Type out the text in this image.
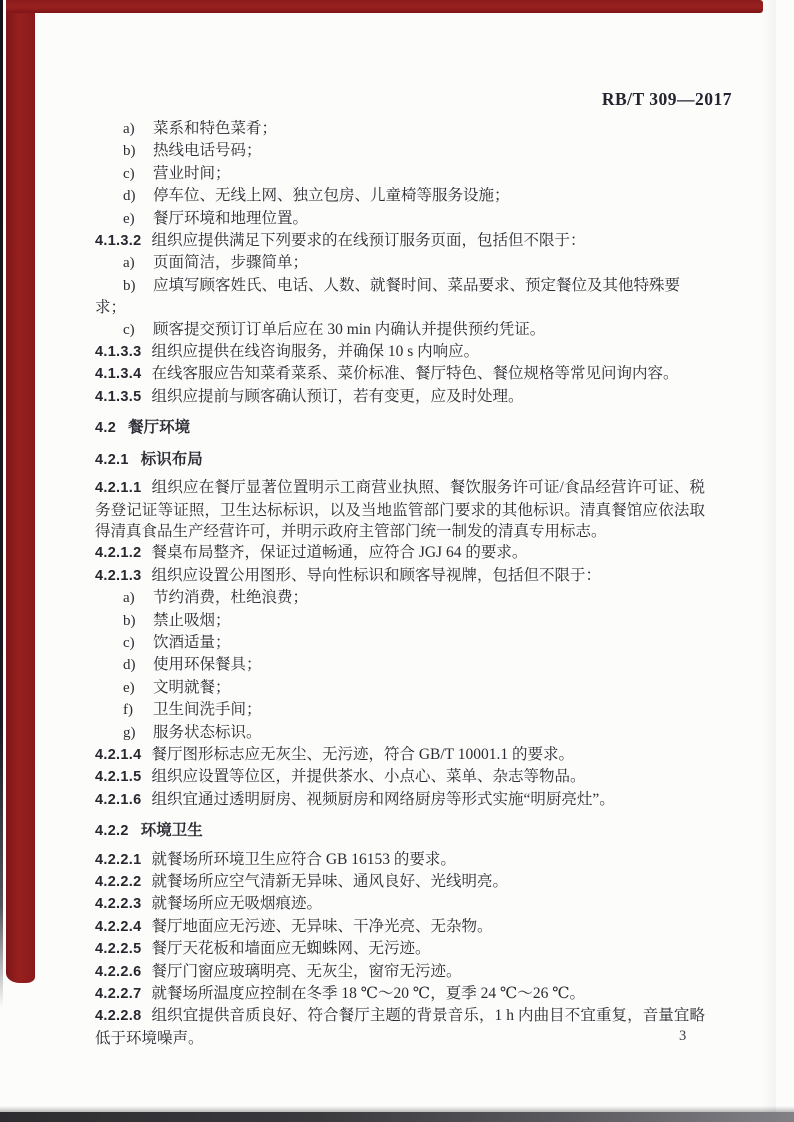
RB/T 309—2017

a) 菜系和特色菜肴；

b) 热线电话号码；

c) 营业时间；

d) 停车位、无线上网、独立包房、儿童椅等服务设施；

e) 餐厅环境和地理位置。

4.1.3.2 组织应提供满足下列要求的在线预订服务页面，包括但不限于：

a) 页面简洁，步骤简单；

b) 应填写顾客姓氏、电话、人数、就餐时间、菜品要求、预定餐位及其他特殊要求；

c) 顾客提交预订订单后应在 30 min 内确认并提供预约凭证。

4.1.3.3 组织应提供在线咨询服务，并确保 10 s 内响应。

4.1.3.4 在线客服应告知菜肴菜系、菜价标准、餐厅特色、餐位规格等常见问询内容。

4.1.3.5 组织应提前与顾客确认预订，若有变更，应及时处理。

4.2 餐厅环境

4.2.1 标识布局

4.2.1.1 组织应在餐厅显著位置明示工商营业执照、餐饮服务许可证/食品经营许可证、税务登记证等证照，卫生达标标识，以及当地监管部门要求的其他标识。清真餐馆应依法取得清真食品生产经营许可，并明示政府主管部门统一制发的清真专用标志。

4.2.1.2 餐桌布局整齐，保证过道畅通，应符合 JGJ 64 的要求。

4.2.1.3 组织应设置公用图形、导向性标识和顾客导视牌，包括但不限于：

a) 节约消费，杜绝浪费；

b) 禁止吸烟；

c) 饮酒适量；

d) 使用环保餐具；

e) 文明就餐；

f) 卫生间洗手间；

g) 服务状态标识。

4.2.1.4 餐厅图形标志应无灰尘、无污迹，符合 GB/T 10001.1 的要求。

4.2.1.5 组织应设置等位区，并提供茶水、小点心、菜单、杂志等物品。

4.2.1.6 组织宜通过透明厨房、视频厨房和网络厨房等形式实施“明厨亮灶”。

4.2.2 环境卫生

4.2.2.1 就餐场所环境卫生应符合 GB 16153 的要求。

4.2.2.2 就餐场所应空气清新无异味、通风良好、光线明亮。

4.2.2.3 就餐场所应无吸烟痕迹。

4.2.2.4 餐厅地面应无污迹、无异味、干净光亮、无杂物。

4.2.2.5 餐厅天花板和墙面应无蜘蛛网、无污迹。

4.2.2.6 餐厅门窗应玻璃明亮、无灰尘，窗帘无污迹。

4.2.2.7 就餐场所温度应控制在冬季 18 ℃～20 ℃，夏季 24 ℃～26 ℃。

4.2.2.8 组织宜提供音质良好、符合餐厅主题的背景音乐，1 h 内曲目不宜重复，音量宜略低于环境噪声。	3
